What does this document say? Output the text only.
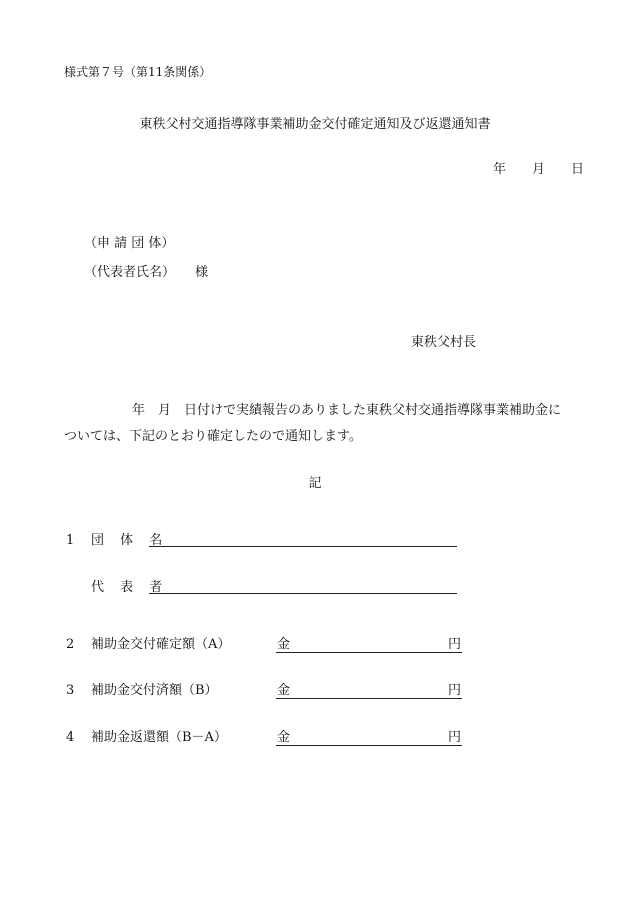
様式第７号（第11条関係）
東秩父村交通指導隊事業補助金交付確定通知及び返還通知書
年 月 日
（申 請 団 体）
（代表者氏名） 様
東秩父村長
年 月 日付けで実績報告のありました東秩父村交通指導隊事業補助金に
ついては、下記のとおり確定したので通知します。
記
1 団 体 名
代 表 者
2 補助金交付確定額（A）	金	円
3 補助金交付済額（B）	金	円
4 補助金返還額（B－A）	金	円
